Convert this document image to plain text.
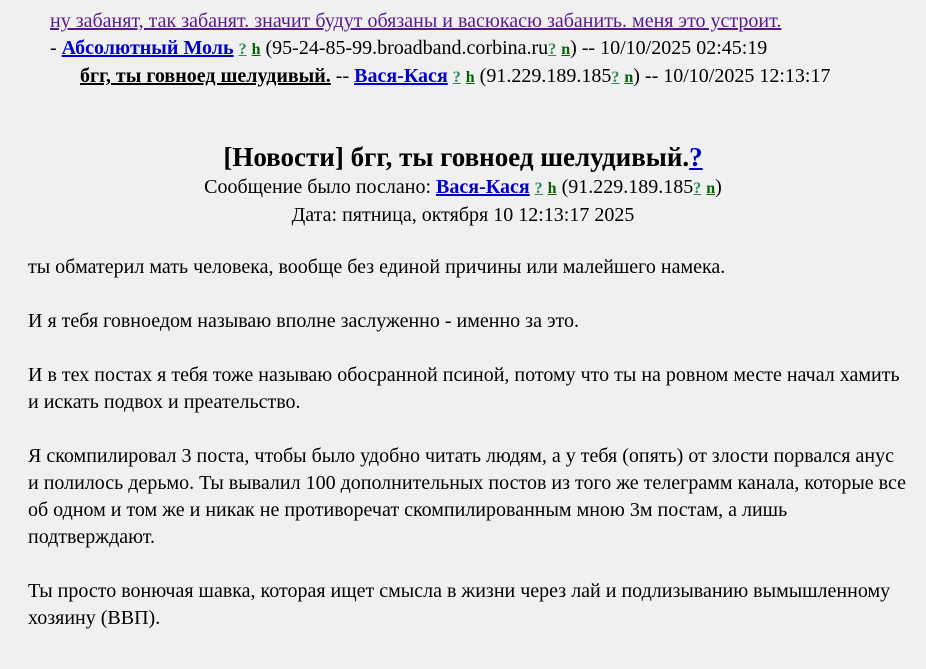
ну забанят, так забанят. значит будут обязаны и васюкасю забанить. меня это устроит.
- Абсолютный Моль ? h (95-24-85-99.broadband.corbina.ru? n) -- 10/10/2025 02:45:19
бгг, ты говноед шелудивый. -- Вася-Кася ? h (91.229.189.185? n) -- 10/10/2025 12:13:17
[Новости] бгг, ты говноед шелудивый.?
Сообщение было послано: Вася-Кася ? h (91.229.189.185? n)
Дата: пятница, октября 10 12:13:17 2025

ты обматерил мать человека, вообще без единой причины или малейшего намека.

И я тебя говноедом называю вполне заслуженно - именно за это.

И в тех постах я тебя тоже называю обосранной псиной, потому что ты на ровном месте начал хамить и искать подвох и преательство.

Я скомпилировал 3 поста, чтобы было удобно читать людям, а у тебя (опять) от злости порвался анус и полилось дерьмо. Ты вывалил 100 дополнительных постов из того же телеграмм канала, которые все об одном и том же и никак не противоречат скомпилированным мною 3м постам, а лишь подтверждают.

Ты просто вонючая шавка, которая ищет смысла в жизни через лай и подлизыванию вымышленному хозяину (ВВП).
